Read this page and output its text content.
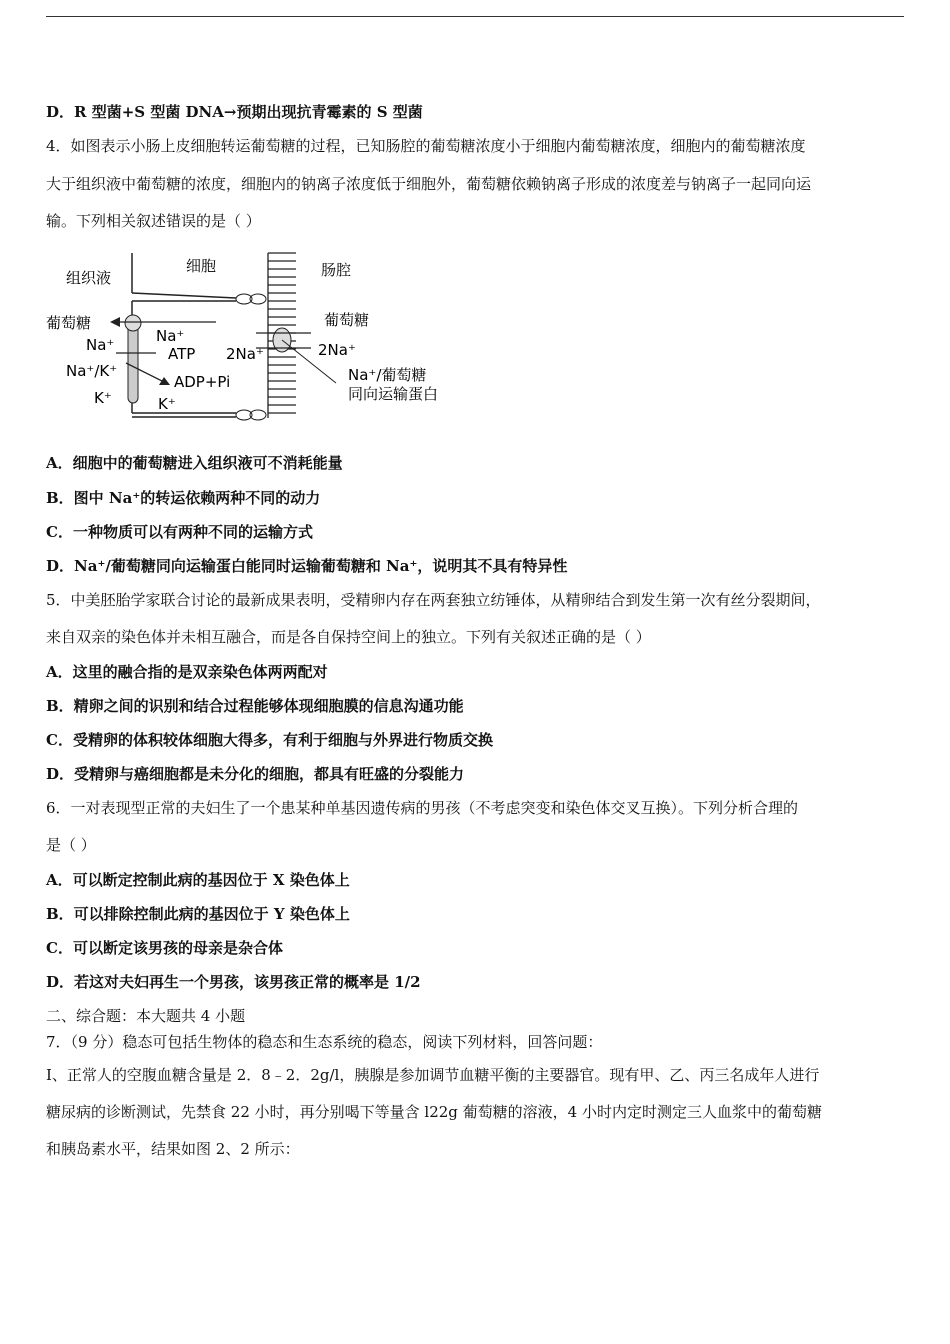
D．R 型菌+S 型菌 DNA→预期出现抗青霉素的 S 型菌
4．如图表示小肠上皮细胞转运葡萄糖的过程，已知肠腔的葡萄糖浓度小于细胞内葡萄糖浓度，细胞内的葡萄糖浓度
大于组织液中葡萄糖的浓度，细胞内的钠离子浓度低于细胞外，葡萄糖依赖钠离子形成的浓度差与钠离子一起同向运
输。下列相关叙述错误的是（ ）
组织液
细胞	肠腔
葡萄糖	葡萄糖
Na⁺	Na⁺
ATP
Na⁺/K⁺
ADP+Pi
K⁺	K⁺
2Na⁺	2Na⁺
Na⁺/葡萄糖
同向运输蛋白
A．细胞中的葡萄糖进入组织液可不消耗能量
B．图中 Na⁺的转运依赖两种不同的动力
C．一种物质可以有两种不同的运输方式
D．Na⁺/葡萄糖同向运输蛋白能同时运输葡萄糖和 Na⁺，说明其不具有特异性
5．中美胚胎学家联合讨论的最新成果表明，受精卵内存在两套独立纺锤体，从精卵结合到发生第一次有丝分裂期间，
来自双亲的染色体并未相互融合，而是各自保持空间上的独立。下列有关叙述正确的是（ ）
A．这里的融合指的是双亲染色体两两配对
B．精卵之间的识别和结合过程能够体现细胞膜的信息沟通功能
C．受精卵的体积较体细胞大得多，有利于细胞与外界进行物质交换
D．受精卵与癌细胞都是未分化的细胞，都具有旺盛的分裂能力
6．一对表现型正常的夫妇生了一个患某种单基因遗传病的男孩（不考虑突变和染色体交叉互换）。下列分析合理的
是（ ）
A．可以断定控制此病的基因位于 X 染色体上
B．可以排除控制此病的基因位于 Y 染色体上
C．可以断定该男孩的母亲是杂合体
D．若这对夫妇再生一个男孩，该男孩正常的概率是 1/2
二、综合题：本大题共 4 小题
7．（9 分）稳态可包括生物体的稳态和生态系统的稳态，阅读下列材料，回答问题：
Ⅰ、正常人的空腹血糖含量是 2．8﹣2．2g/l，胰腺是参加调节血糖平衡的主要器官。现有甲、乙、丙三名成年人进行
糖尿病的诊断测试，先禁食 22 小时，再分别喝下等量含 l22g 葡萄糖的溶液，4 小时内定时测定三人血浆中的葡萄糖
和胰岛素水平，结果如图 2、2 所示：
